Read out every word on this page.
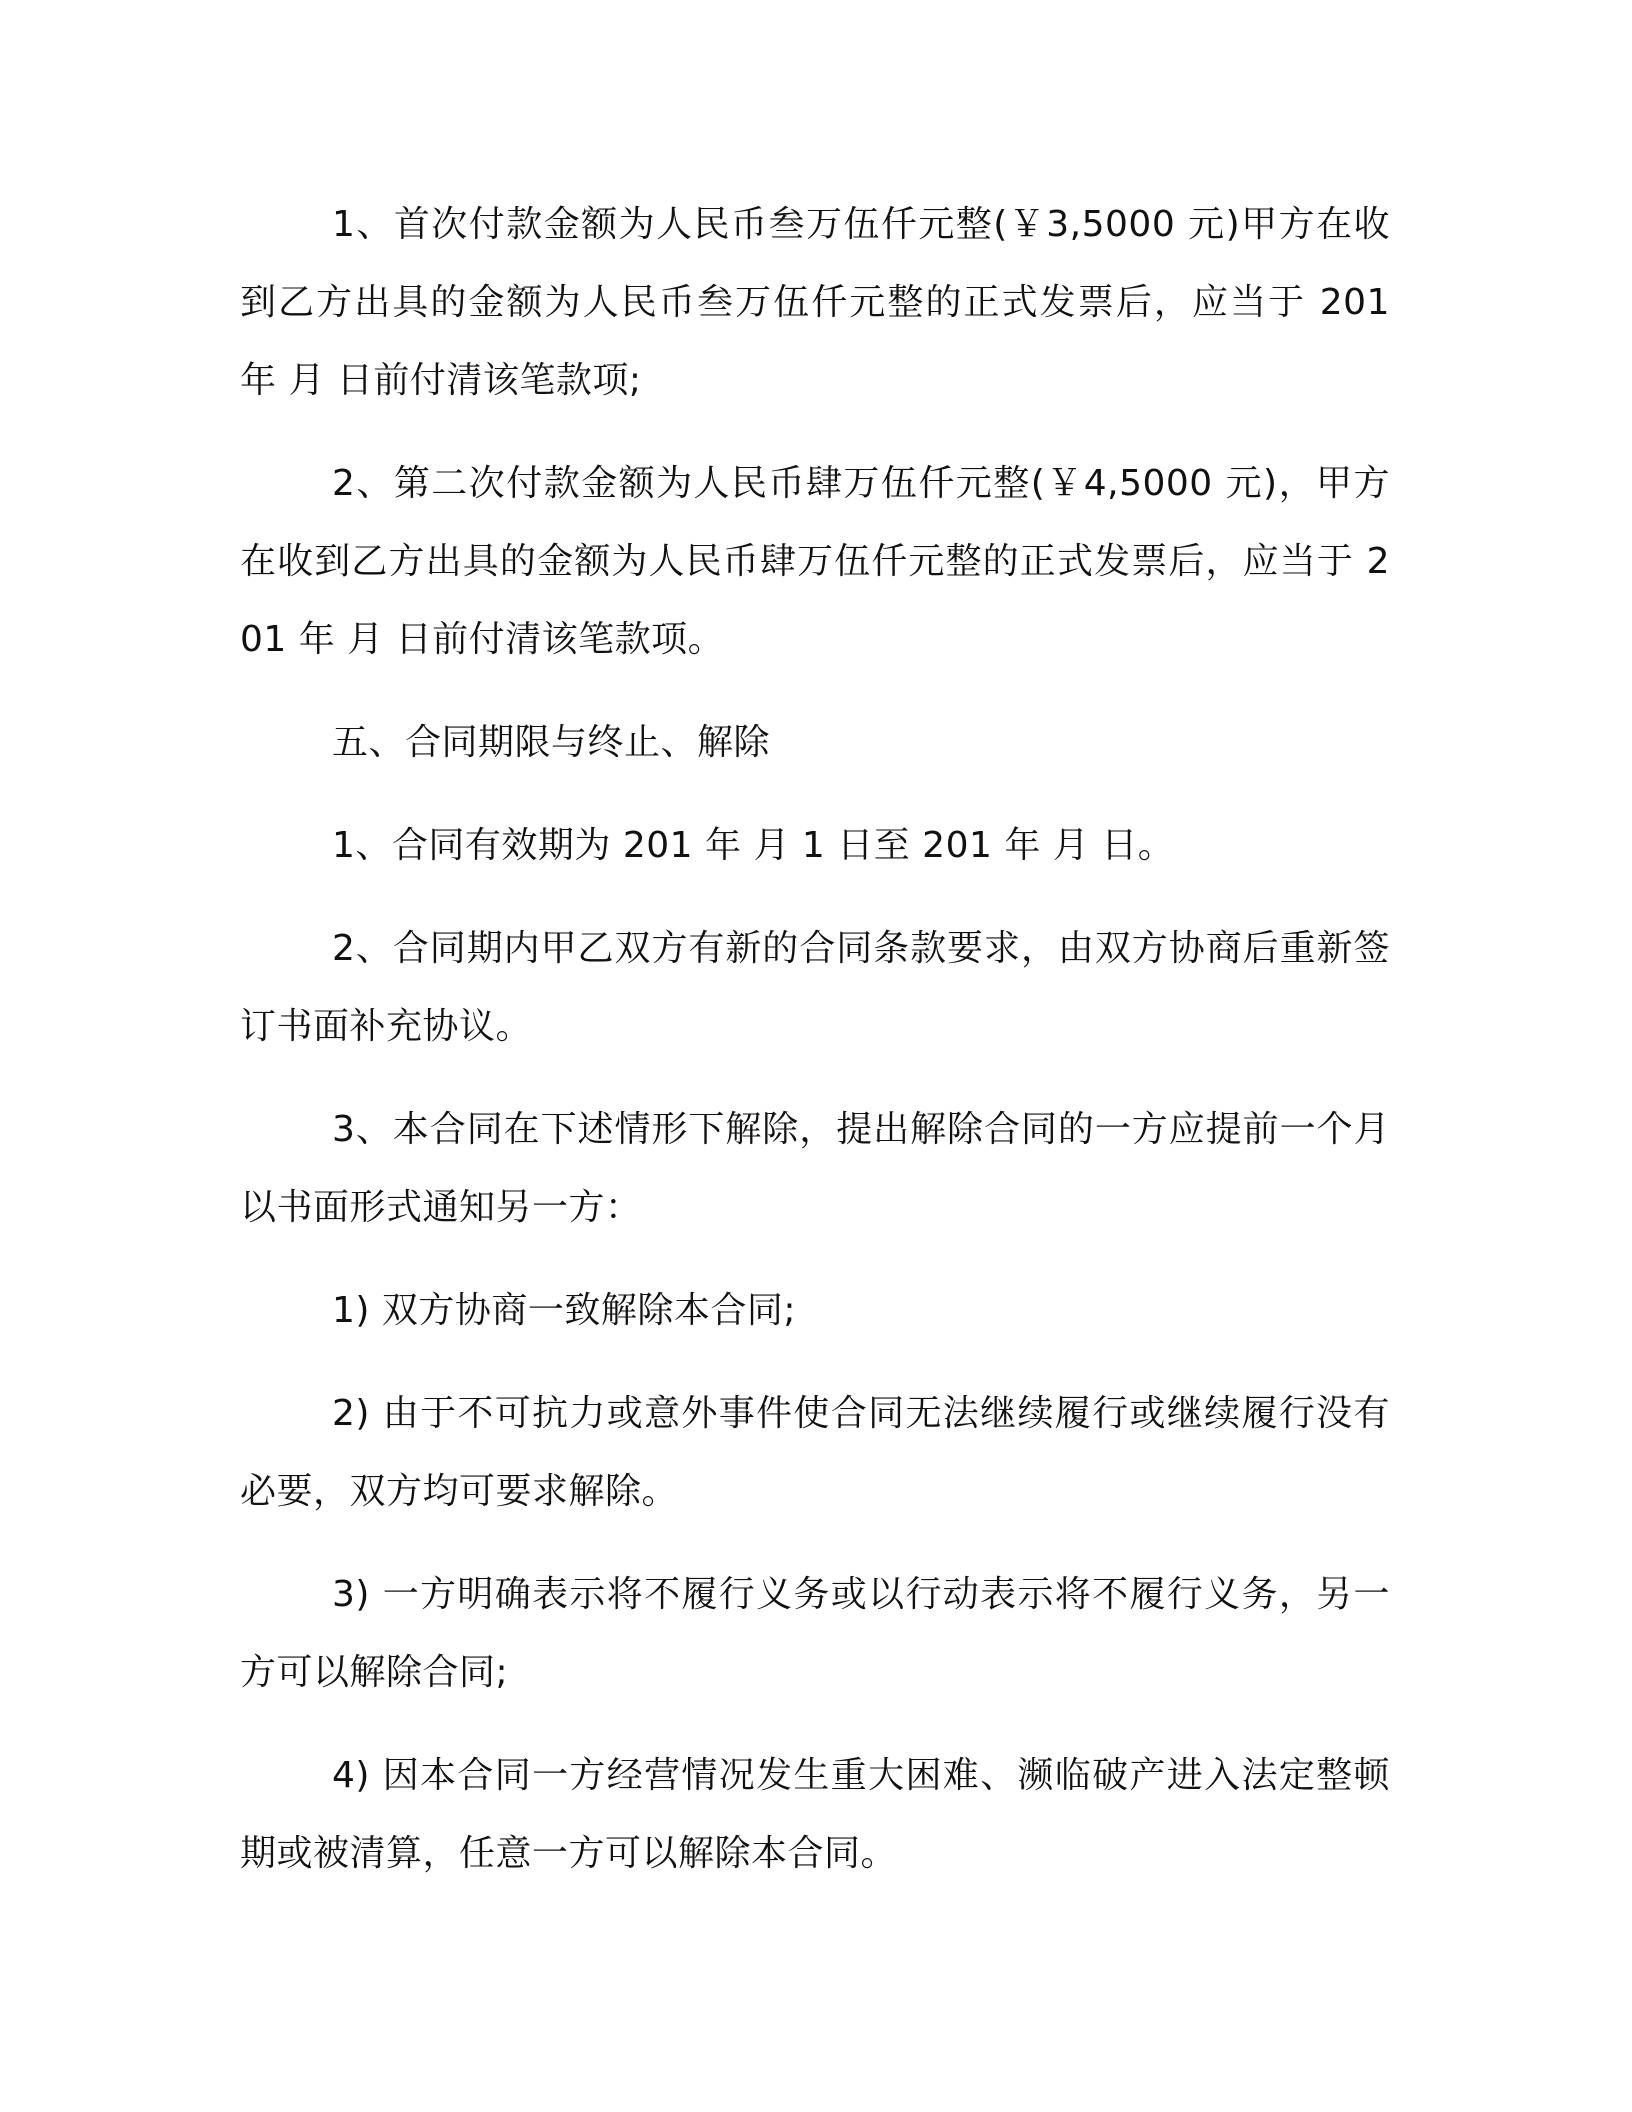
1、首次付款金额为人民币叁万伍仟元整(￥3,5000 元)甲方在收到乙方出具的金额为人民币叁万伍仟元整的正式发票后，应当于 201 年 月 日前付清该笔款项;

2、第二次付款金额为人民币肆万伍仟元整(￥4,5000 元)，甲方在收到乙方出具的金额为人民币肆万伍仟元整的正式发票后，应当于 201 年 月 日前付清该笔款项。

五、合同期限与终止、解除

1、合同有效期为 201 年 月 1 日至 201 年 月 日。

2、合同期内甲乙双方有新的合同条款要求，由双方协商后重新签订书面补充协议。

3、本合同在下述情形下解除，提出解除合同的一方应提前一个月以书面形式通知另一方：

1) 双方协商一致解除本合同;

2) 由于不可抗力或意外事件使合同无法继续履行或继续履行没有必要，双方均可要求解除。

3) 一方明确表示将不履行义务或以行动表示将不履行义务，另一方可以解除合同;

4) 因本合同一方经营情况发生重大困难、濒临破产进入法定整顿期或被清算，任意一方可以解除本合同。
